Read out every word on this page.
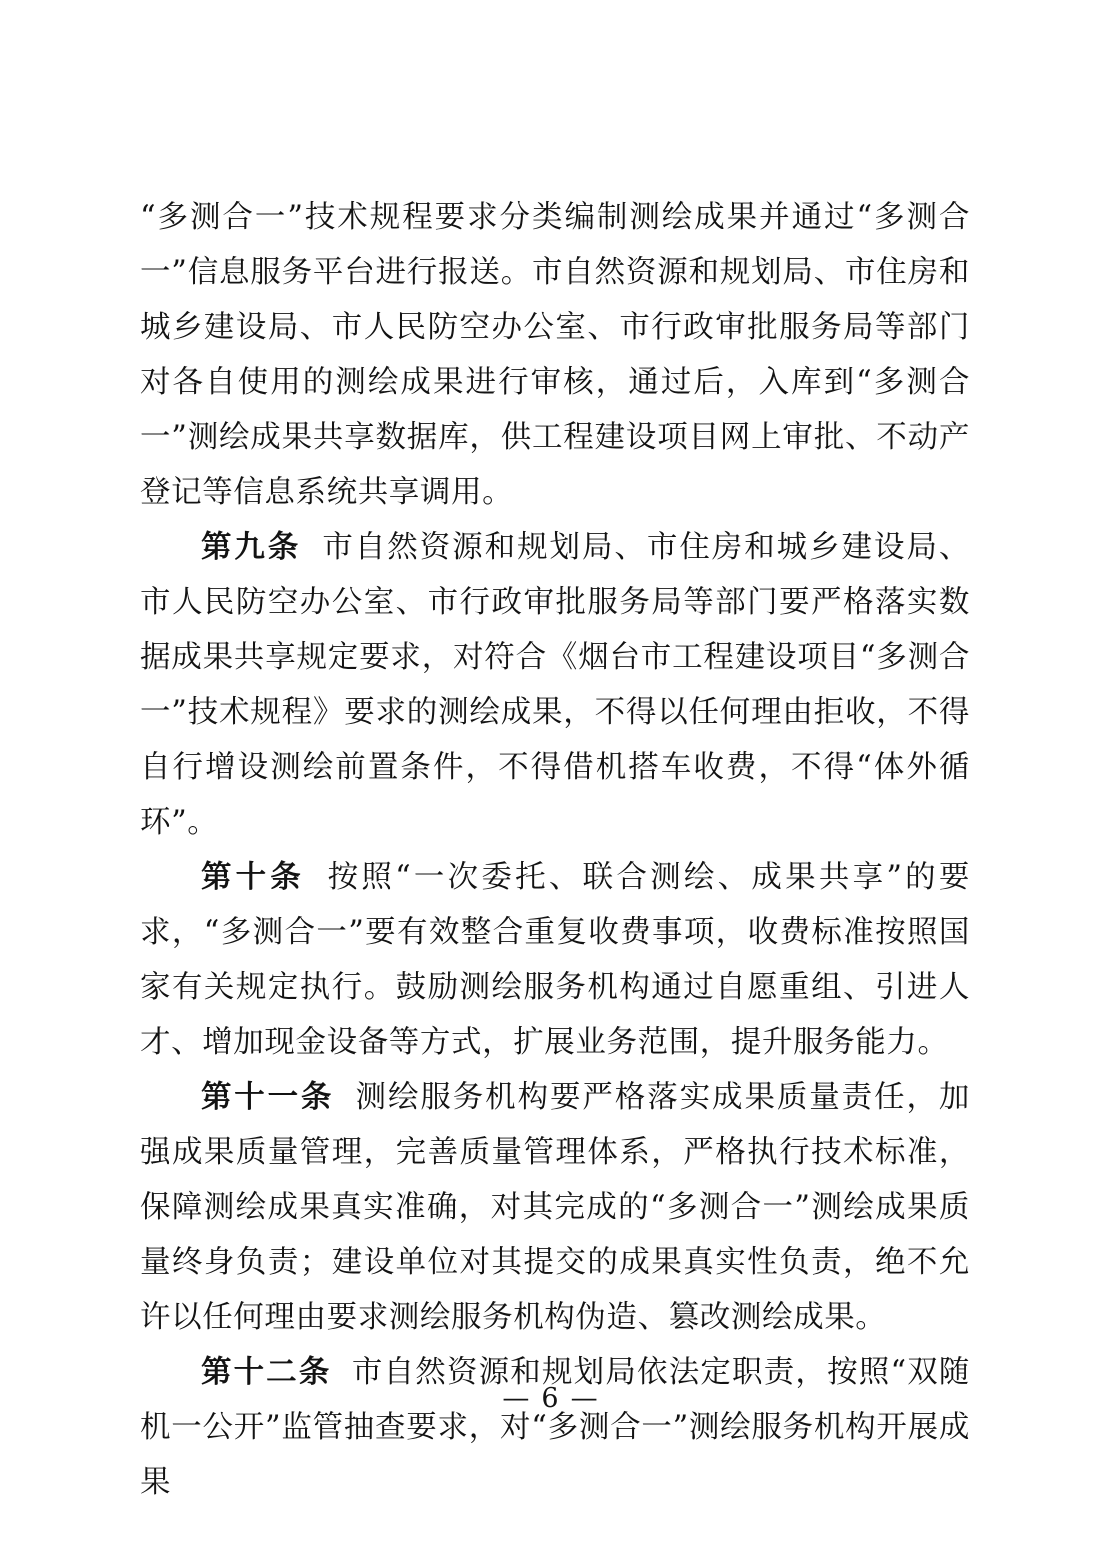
“多测合一”技术规程要求分类编制测绘成果并通过“多测合一”信息服务平台进行报送。市自然资源和规划局、市住房和城乡建设局、市人民防空办公室、市行政审批服务局等部门对各自使用的测绘成果进行审核，通过后，入库到“多测合一”测绘成果共享数据库，供工程建设项目网上审批、不动产登记等信息系统共享调用。

第九条 市自然资源和规划局、市住房和城乡建设局、市人民防空办公室、市行政审批服务局等部门要严格落实数据成果共享规定要求，对符合《烟台市工程建设项目“多测合一”技术规程》要求的测绘成果，不得以任何理由拒收，不得自行增设测绘前置条件，不得借机搭车收费，不得“体外循环”。

第十条 按照“一次委托、联合测绘、成果共享”的要求，“多测合一”要有效整合重复收费事项，收费标准按照国家有关规定执行。鼓励测绘服务机构通过自愿重组、引进人才、增加现金设备等方式，扩展业务范围，提升服务能力。

第十一条 测绘服务机构要严格落实成果质量责任，加强成果质量管理，完善质量管理体系，严格执行技术标准，保障测绘成果真实准确，对其完成的“多测合一”测绘成果质量终身负责；建设单位对其提交的成果真实性负责，绝不允许以任何理由要求测绘服务机构伪造、篡改测绘成果。

第十二条 市自然资源和规划局依法定职责，按照“双随机一公开”监管抽查要求，对“多测合一”测绘服务机构开展成果

— 6 —
